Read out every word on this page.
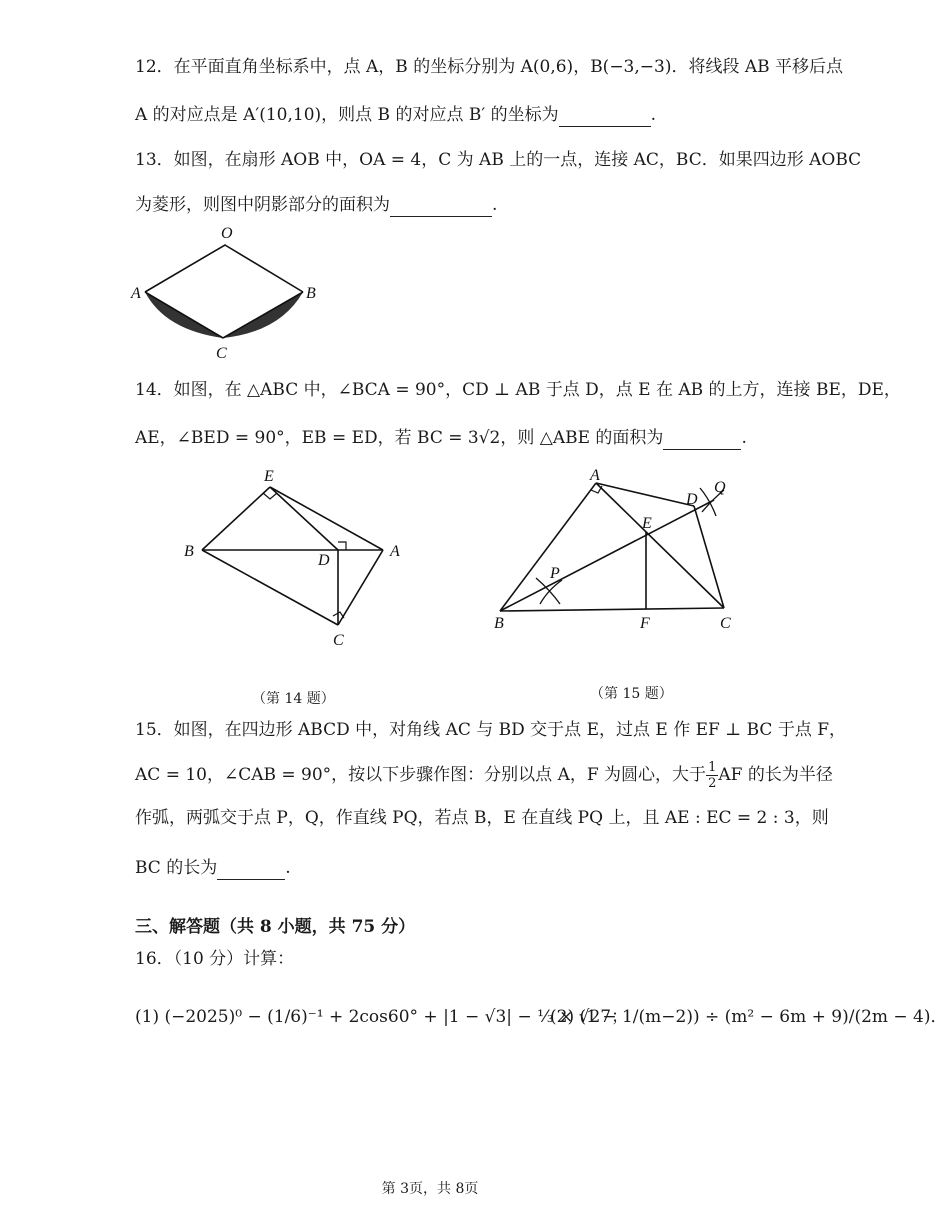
12．在平面直角坐标系中，点 A，B 的坐标分别为 A(0,6)，B(−3,−3)．将线段 AB 平移后点
A 的对应点是 A′(10,10)，则点 B 的对应点 B′ 的坐标为	.
13．如图，在扇形 AOB 中，OA = 4，C 为 AB 上的一点，连接 AC，BC．如果四边形 AOBC
为菱形，则图中阴影部分的面积为	.
O
A	B
C
14．如图，在 △ABC 中，∠BCA = 90°，CD ⊥ AB 于点 D，点 E 在 AB 的上方，连接 BE，DE，
AE，∠BED = 90°，EB = ED，若 BC = 3√2，则 △ABE 的面积为	.
E
B
D
A
C
A
D
Q
E
P
B	F	C
（第 14 题）	（第 15 题）
15．如图，在四边形 ABCD 中，对角线 AC 与 BD 交于点 E，过点 E 作 EF ⊥ BC 于点 F，
AC = 10，∠CAB = 90°，按以下步骤作图：分别以点 A，F 为圆心，大于 $\frac{1}{2}$ AF 的长为半径
作弧，两弧交于点 P，Q，作直线 PQ，若点 B，E 在直线 PQ 上，且 AE : EC = 2 : 3，则
BC 的长为	.
三、解答题（共 8 小题，共 75 分）
16．（10 分）计算：
(1) (−2025)⁰ − (1/6)⁻¹ + 2cos60° + |1 − √3| − ⅓ × √27；
(2) (1 − 1/(m−2)) ÷ (m² − 6m + 9)/(2m − 4)．
第 3页，共 8页
